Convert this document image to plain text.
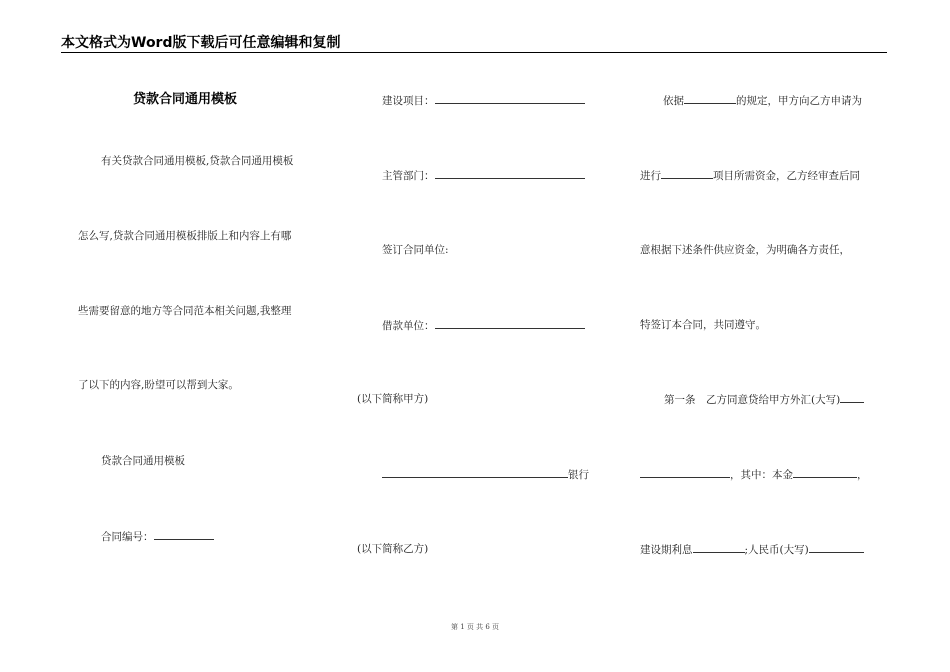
本文格式为Word版下载后可任意编辑和复制
贷款合同通用模板
有关贷款合同通用模板,贷款合同通用模板
怎么写,贷款合同通用模板排版上和内容上有哪
些需要留意的地方等合同范本相关问题,我整理
了以下的内容,盼望可以帮到大家。
贷款合同通用模板
合同编号：
建设项目：
主管部门：
签订合同单位:
借款单位：
(以下简称甲方)
银行
(以下简称乙方)
依据	的规定，甲方向乙方申请为
进行	项目所需资金，乙方经审查后同
意根据下述条件供应资金，为明确各方责任，
特签订本合同，共同遵守。
第一条　乙方同意贷给甲方外汇(大写)
，其中：本金	，
建设期利息	;人民币(大写)
第 1 页 共 6 页
